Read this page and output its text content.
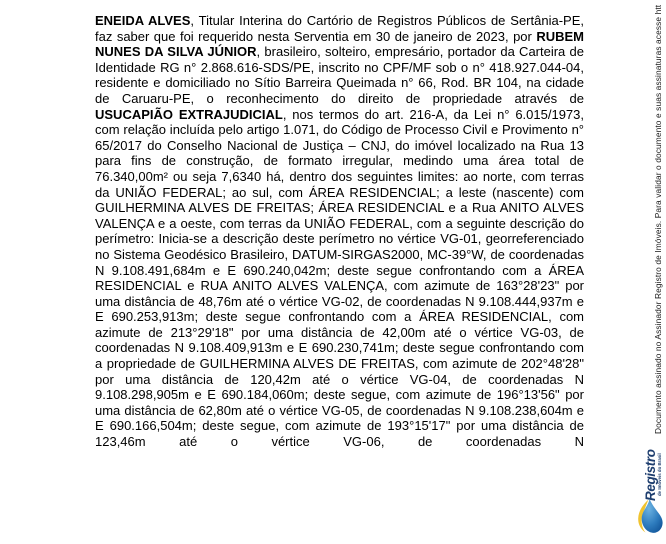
ENEIDA ALVES, Titular Interina do Cartório de Registros Públicos de Sertânia-PE, faz saber que foi requerido nesta Serventia em 30 de janeiro de 2023, por RUBEM NUNES DA SILVA JÚNIOR, brasileiro, solteiro, empresário, portador da Carteira de Identidade RG n° 2.868.616-SDS/PE, inscrito no CPF/MF sob o n° 418.927.044-04, residente e domiciliado no Sítio Barreira Queimada n° 66, Rod. BR 104, na cidade de Caruaru-PE, o reconhecimento do direito de propriedade através de USUCAPIÃO EXTRAJUDICIAL, nos termos do art. 216-A, da Lei n° 6.015/1973, com relação incluída pelo artigo 1.071, do Código de Processo Civil e Provimento n° 65/2017 do Conselho Nacional de Justiça – CNJ, do imóvel localizado na Rua 13 para fins de construção, de formato irregular, medindo uma área total de 76.340,00m² ou seja 7,6340 há, dentro dos seguintes limites: ao norte, com terras da UNIÃO FEDERAL; ao sul, com ÁREA RESIDENCIAL; a leste (nascente) com GUILHERMINA ALVES DE FREITAS; ÁREA RESIDENCIAL e a Rua ANITO ALVES VALENÇA e a oeste, com terras da UNIÃO FEDERAL, com a seguinte descrição do perímetro: Inicia-se a descrição deste perímetro no vértice VG-01, georreferenciado no Sistema Geodésico Brasileiro, DATUM-SIRGAS2000, MC-39°W, de coordenadas N 9.108.491,684m e E 690.240,042m; deste segue confrontando com a ÁREA RESIDENCIAL e RUA ANITO ALVES VALENÇA, com azimute de 163°28'23" por uma distância de 48,76m até o vértice VG-02, de coordenadas N 9.108.444,937m e E 690.253,913m; deste segue confrontando com a ÁREA RESIDENCIAL, com azimute de 213°29'18" por uma distância de 42,00m até o vértice VG-03, de coordenadas N 9.108.409,913m e E 690.230,741m; deste segue confrontando com a propriedade de GUILHERMINA ALVES DE FREITAS, com azimute de 202°48'28" por uma distância de 120,42m até o vértice VG-04, de coordenadas N 9.108.298,905m e E 690.184,060m; deste segue, com azimute de 196°13'56" por uma distância de 62,80m até o vértice VG-05, de coordenadas N 9.108.238,604m e E 690.166,504m; deste segue, com azimute de 193°15'17" por uma distância de 123,46m até o vértice VG-06, de coordenadas N

Documento assinado no Assinador Registro de Imóveis. Para validar o documento e suas assinaturas acesse htt
Registro de Imóveis do Brasil
